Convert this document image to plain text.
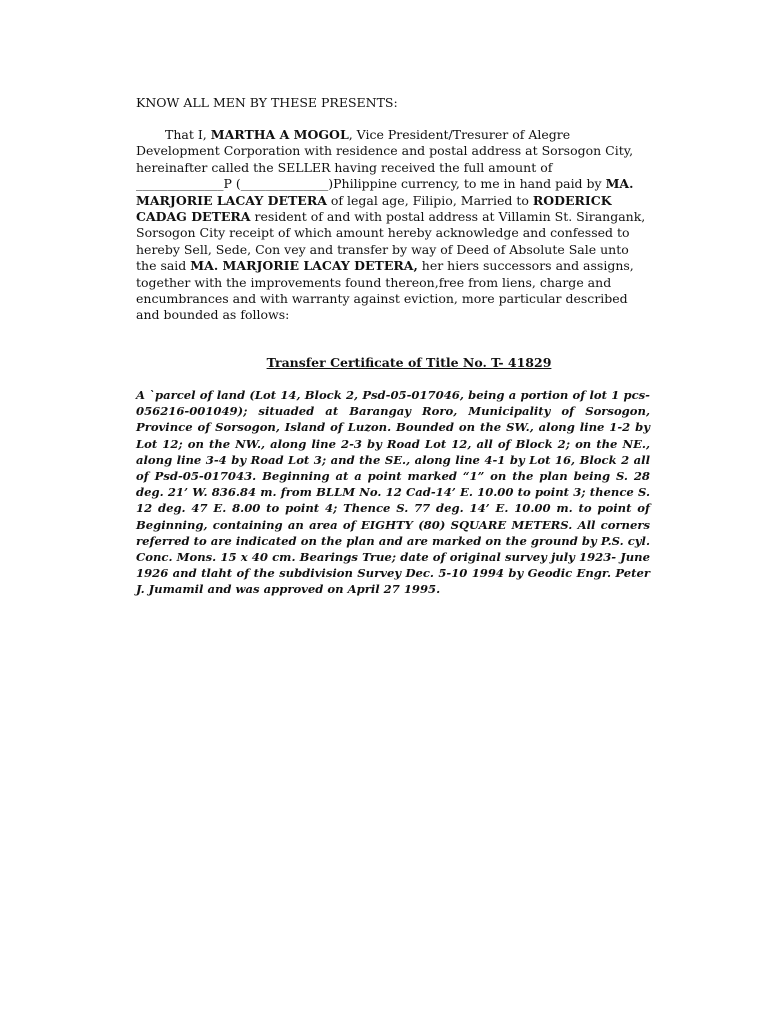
KNOW ALL MEN BY THESE PRESENTS:

That I, MARTHA A MOGOL, Vice President/Tresurer of Alegre Development Corporation with residence and postal address at Sorsogon City, hereinafter called the SELLER having received the full amount of ______________P (______________)Philippine currency, to me in hand paid by MA. MARJORIE LACAY DETERA of legal age, Filipio, Married to RODERICK CADAG DETERA resident of and with postal address at Villamin St. Sirangank, Sorsogon City receipt of which amount hereby acknowledge and confessed to hereby Sell, Sede, Con vey and transfer by way of Deed of Absolute Sale unto the said MA. MARJORIE LACAY DETERA, her hiers successors and assigns, together with the improvements found thereon,free from liens, charge and encumbrances and with warranty against eviction, more particular described and bounded as follows:

Transfer Certificate of Title No. T- 41829

A `parcel of land (Lot 14, Block 2, Psd-05-017046, being a portion of lot 1 pcs-056216-001049); situaded at Barangay Roro, Municipality of Sorsogon, Province of Sorsogon, Island of Luzon. Bounded on the SW., along line 1-2 by Lot 12; on the NW., along line 2-3 by Road Lot 12, all of Block 2; on the NE., along line 3-4 by Road Lot 3; and the SE., along line 4-1 by Lot 16, Block 2 all of Psd-05-017043. Beginning at a point marked “1” on the plan being S. 28 deg. 21’ W. 836.84 m. from BLLM No. 12 Cad-14’ E. 10.00 to point 3; thence S. 12 deg. 47 E. 8.00 to point 4; Thence S. 77 deg. 14’ E. 10.00 m. to point of Beginning, containing an area of EIGHTY (80) SQUARE METERS. All corners referred to are indicated on the plan and are marked on the ground by P.S. cyl. Conc. Mons. 15 x 40 cm. Bearings True; date of original survey july 1923- June 1926 and tlaht of the subdivision Survey Dec. 5-10 1994 by Geodic Engr. Peter J. Jumamil and was approved on April 27 1995.
